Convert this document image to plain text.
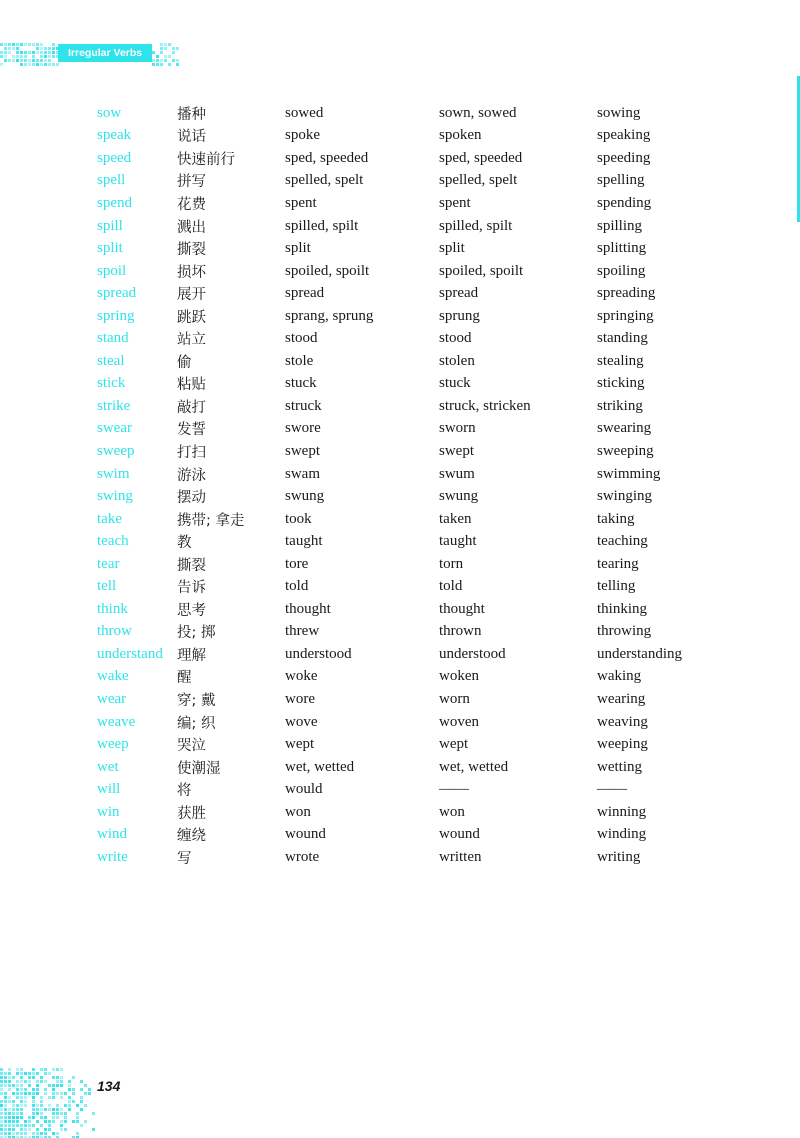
Irregular Verbs
sow	播种	sowed	sown, sowed	sowing
speak	说话	spoke	spoken	speaking
speed	快速前行	sped, speeded	sped, speeded	speeding
spell	拼写	spelled, spelt	spelled, spelt	spelling
spend	花费	spent	spent	spending
spill	溅出	spilled, spilt	spilled, spilt	spilling
split	撕裂	split	split	splitting
spoil	损坏	spoiled, spoilt	spoiled, spoilt	spoiling
spread	展开	spread	spread	spreading
spring	跳跃	sprang, sprung	sprung	springing
stand	站立	stood	stood	standing
steal	偷	stole	stolen	stealing
stick	粘贴	stuck	stuck	sticking
strike	敲打	struck	struck, stricken	striking
swear	发誓	swore	sworn	swearing
sweep	打扫	swept	swept	sweeping
swim	游泳	swam	swum	swimming
swing	摆动	swung	swung	swinging
take	携带; 拿走	took	taken	taking
teach	教	taught	taught	teaching
tear	撕裂	tore	torn	tearing
tell	告诉	told	told	telling
think	思考	thought	thought	thinking
throw	投; 掷	threw	thrown	throwing
understand	理解	understood	understood	understanding
wake	醒	woke	woken	waking
wear	穿; 戴	wore	worn	wearing
weave	编; 织	wove	woven	weaving
weep	哭泣	wept	wept	weeping
wet	使潮湿	wet, wetted	wet, wetted	wetting
will	将	would	——	——
win	获胜	won	won	winning
wind	缠绕	wound	wound	winding
write	写	wrote	written	writing
134
